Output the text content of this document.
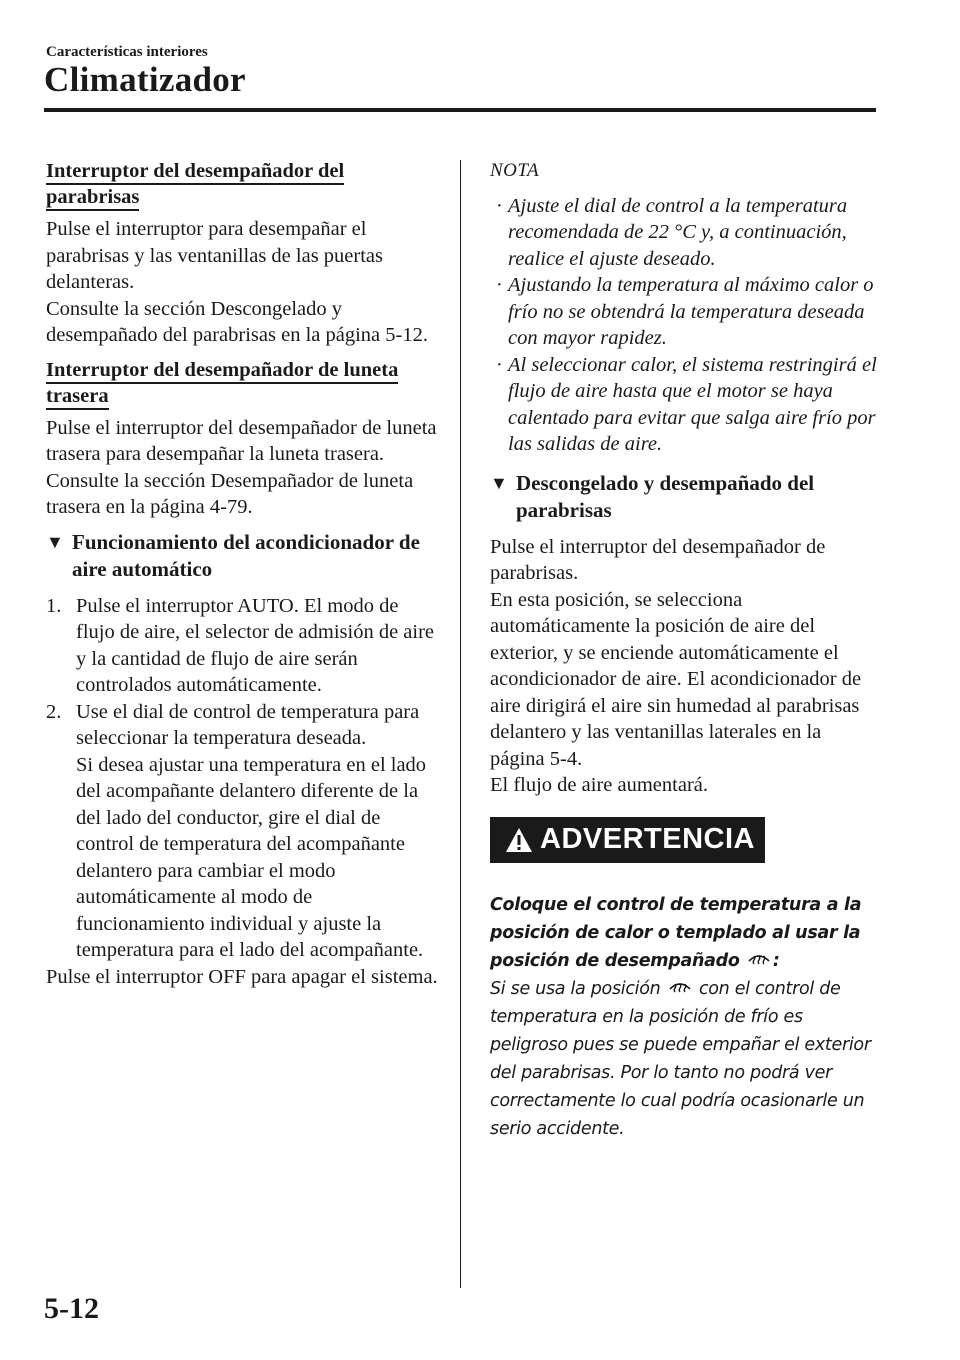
Características interiores
Climatizador
Interruptor del desempañador del parabrisas

Pulse el interruptor para desempañar el parabrisas y las ventanillas de las puertas delanteras.

Consulte la sección Descongelado y desempañado del parabrisas en la página 5-12.

Interruptor del desempañador de luneta trasera

Pulse el interruptor del desempañador de luneta trasera para desempañar la luneta trasera.

Consulte la sección Desempañador de luneta trasera en la página 4-79.

▼ Funcionamiento del acondicionador de aire automático
1. Pulse el interruptor AUTO. El modo de flujo de aire, el selector de admisión de aire y la cantidad de flujo de aire serán controlados automáticamente.
2. Use el dial de control de temperatura para seleccionar la temperatura deseada.
Si desea ajustar una temperatura en el lado del acompañante delantero diferente de la del lado del conductor, gire el dial de control de temperatura del acompañante delantero para cambiar el modo automáticamente al modo de funcionamiento individual y ajuste la temperatura para el lado del acompañante.

Pulse el interruptor OFF para apagar el sistema.

NOTA
· Ajuste el dial de control a la temperatura recomendada de 22 °C y, a continuación, realice el ajuste deseado.
· Ajustando la temperatura al máximo calor o frío no se obtendrá la temperatura deseada con mayor rapidez.
· Al seleccionar calor, el sistema restringirá el flujo de aire hasta que el motor se haya calentado para evitar que salga aire frío por las salidas de aire.
▼ Descongelado y desempañado del parabrisas

Pulse el interruptor del desempañador de parabrisas.

En esta posición, se selecciona automáticamente la posición de aire del exterior, y se enciende automáticamente el acondicionador de aire. El acondicionador de aire dirigirá el aire sin humedad al parabrisas delantero y las ventanillas laterales en la página 5-4.

El flujo de aire aumentará.

ADVERTENCIA
Coloque el control de temperatura a la posición de calor o templado al usar la posición de desempañado :
Si se usa la posición con el control de temperatura en la posición de frío es peligroso pues se puede empañar el exterior del parabrisas. Por lo tanto no podrá ver correctamente lo cual podría ocasionarle un serio accidente.
5-12
